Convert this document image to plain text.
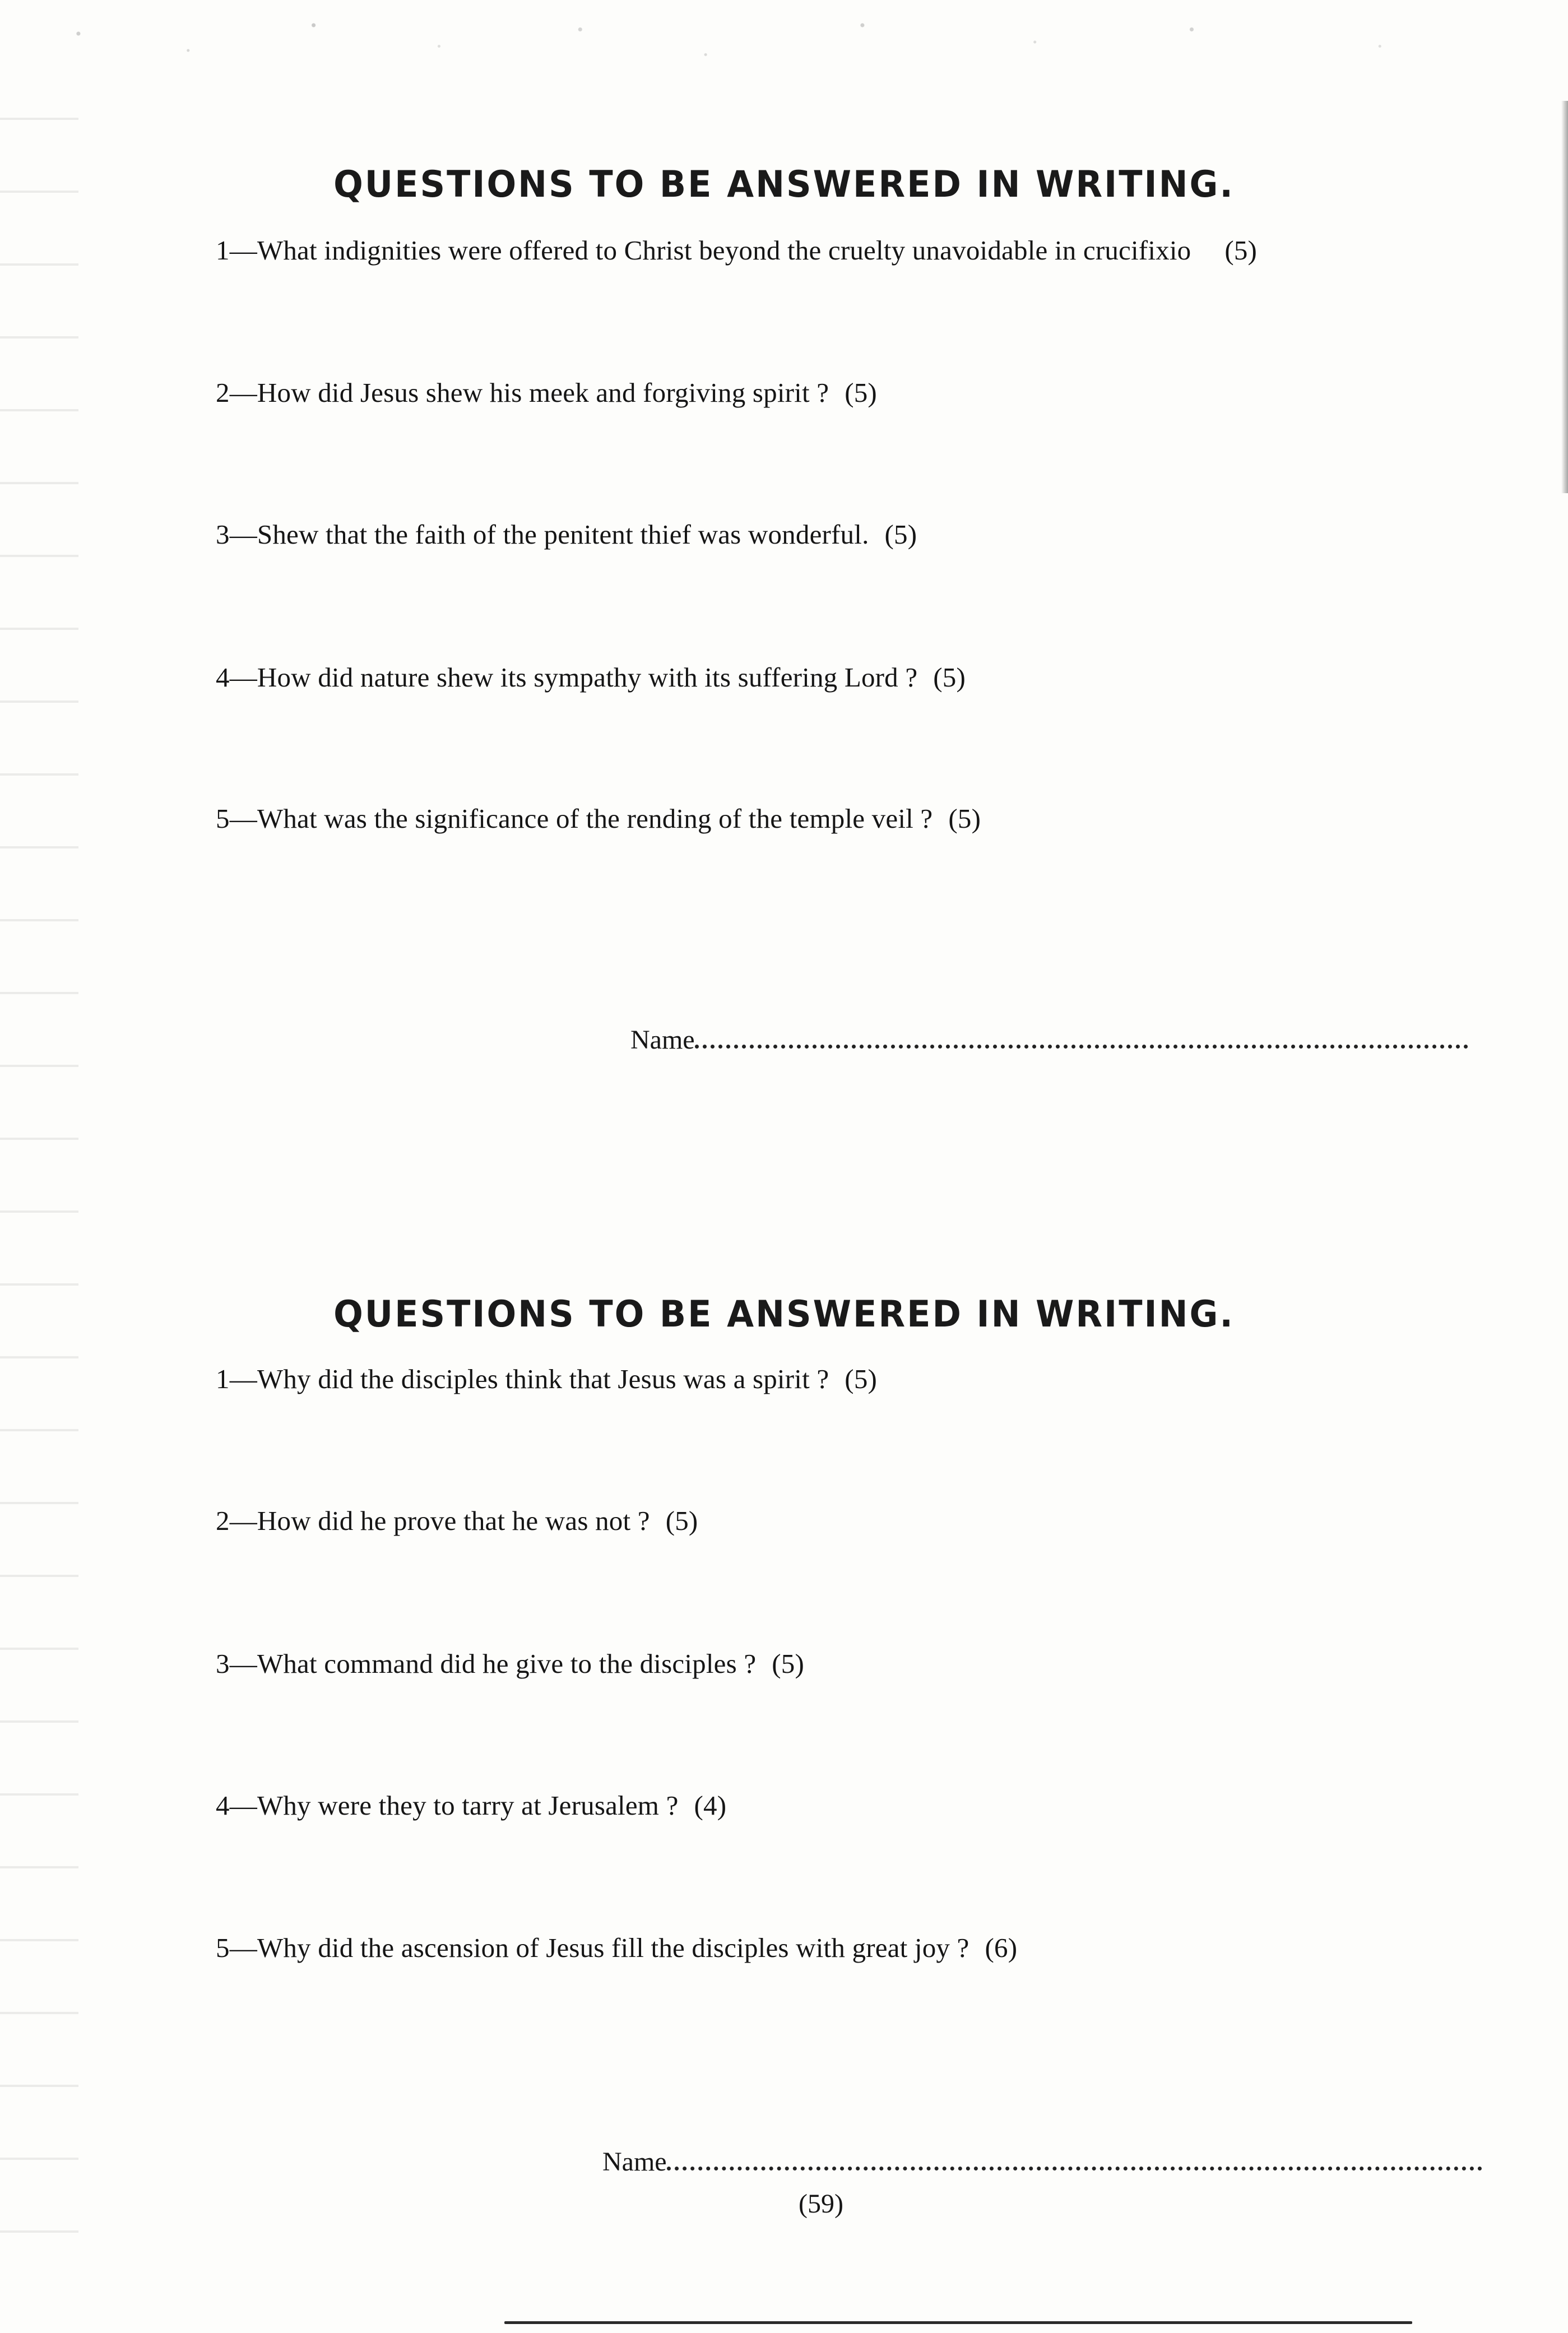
QUESTIONS TO BE ANSWERED IN WRITING.
1—What indignities were offered to Christ beyond the cruelty unavoidable in crucifixio (5)
2—How did Jesus shew his meek and forgiving spirit ? (5)
3—Shew that the faith of the penitent thief was wonderful. (5)
4—How did nature shew its sympathy with its suffering Lord ? (5)
5—What was the significance of the rending of the temple veil ? (5)
Name
QUESTIONS TO BE ANSWERED IN WRITING.
1—Why did the disciples think that Jesus was a spirit ? (5)
2—How did he prove that he was not ? (5)
3—What command did he give to the disciples ? (5)
4—Why were they to tarry at Jerusalem ? (4)
5—Why did the ascension of Jesus fill the disciples with great joy ? (6)
Name
(59)
